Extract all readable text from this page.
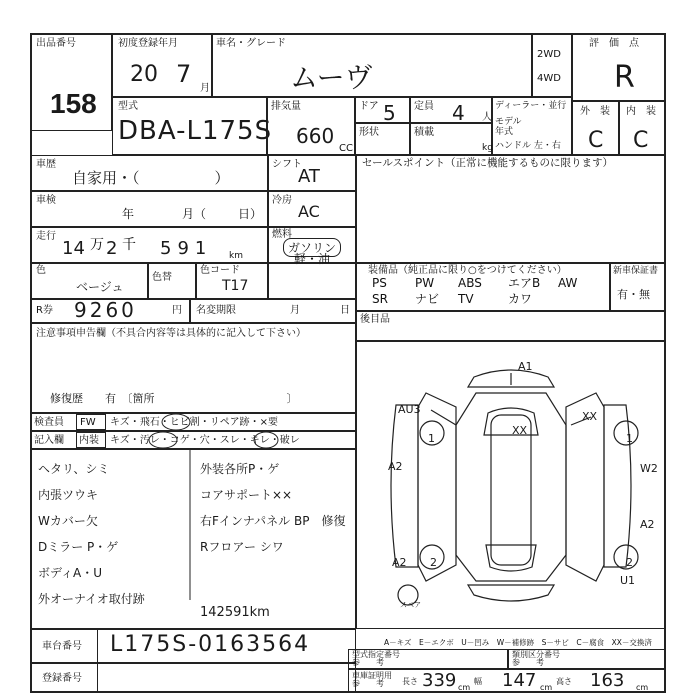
出品番号
158
初度登録年月
20 7
月
車名・グレード
ムーヴ
2WD
4WD
評　価　点
R
型式
DBA-L175S
排気量
660
CC
ドア 5 定員 4 人
形状	積載
kg
ディーラー・並行
モデル
年式
ハンドル 左・右
外　装
C
内　装
C
車歴
自家用・（　　　　　）
シフト
AT
車検
年	月（	日）
冷房
AC
走行
14 万 2 千 591 km
燃料
ガソリン
軽・油
色
ベージュ
色替
色コード
T17
R券 9260	円 名変期限	月	日
注意事項申告欄（不具合内容等は具体的に記入して下さい）
修復歴　　有　〔箇所　　　　　　　　　　　　〕
セールスポイント（正常に機能するものに限ります）
装備品（純正品に限り○をつけてください）	新車保証書
有・無
PS PW ABS エアB AW
SR ナビ TV	カワ
後目品
検査員 FW キズ・飛石・ヒビ割・リペア跡・×要
記入欄 内装 キズ・汚レ・コゲ・穴・スレ・キレ・破レ
ヘタリ、シミ
内張ツウキ
Wカバー欠
Dミラー P・ゲ
ボディA・U
外オーナイオ取付跡
外装各所P・ゲ
コアサポート××
右Fインナパネル BP　修復
Rフロアー シワ
142591km
A1
AU3
XX
XX
A2	W2
A2
A2
U1
1	1
2	2
スペア
A－キズ　E－エクボ　U－凹み　W－補修跡　S－サビ　C－腐食　XX－交換済
車台番号 L175S-0163564
登録番号
型式指定番号
参　　考
類別区分番号
参　　考
車庫証明用
参　　考	長さ 339 cm
幅 147 cm
高さ 163 cm
